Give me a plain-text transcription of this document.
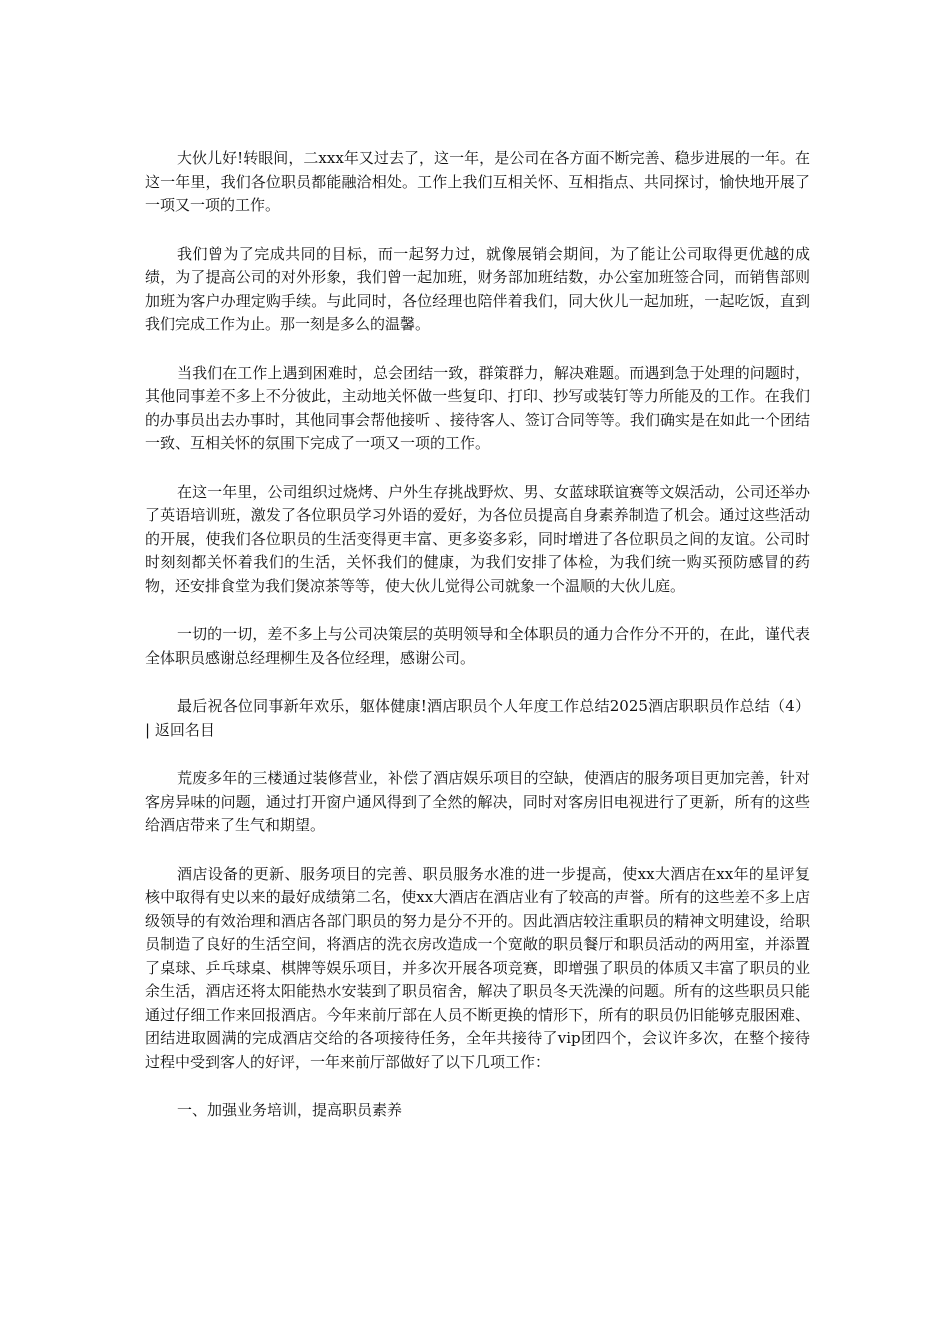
大伙儿好!转眼间，二xxx年又过去了，这一年，是公司在各方面不断完善、稳步进展的一年。在这一年里，我们各位职员都能融洽相处。工作上我们互相关怀、互相指点、共同探讨，愉快地开展了一项又一项的工作。

我们曾为了完成共同的目标，而一起努力过，就像展销会期间，为了能让公司取得更优越的成绩，为了提高公司的对外形象，我们曾一起加班，财务部加班结数，办公室加班签合同，而销售部则加班为客户办理定购手续。与此同时，各位经理也陪伴着我们，同大伙儿一起加班，一起吃饭，直到我们完成工作为止。那一刻是多么的温馨。

当我们在工作上遇到困难时，总会团结一致，群策群力，解决难题。而遇到急于处理的问题时，其他同事差不多上不分彼此，主动地关怀做一些复印、打印、抄写或装钉等力所能及的工作。在我们的办事员出去办事时，其他同事会帮他接听 、接待客人、签订合同等等。我们确实是在如此一个团结一致、互相关怀的氛围下完成了一项又一项的工作。

在这一年里，公司组织过烧烤、户外生存挑战野炊、男、女蓝球联谊赛等文娱活动，公司还举办了英语培训班，激发了各位职员学习外语的爱好，为各位员提高自身素养制造了机会。通过这些活动的开展，使我们各位职员的生活变得更丰富、更多姿多彩，同时增进了各位职员之间的友谊。公司时时刻刻都关怀着我们的生活，关怀我们的健康，为我们安排了体检，为我们统一购买预防感冒的药物，还安排食堂为我们煲凉茶等等，使大伙儿觉得公司就象一个温顺的大伙儿庭。

一切的一切，差不多上与公司决策层的英明领导和全体职员的通力合作分不开的，在此，谨代表全体职员感谢总经理柳生及各位经理，感谢公司。

最后祝各位同事新年欢乐，躯体健康!酒店职员个人年度工作总结2025酒店职职员作总结（4） | 返回名目

荒废多年的三楼通过装修营业，补偿了酒店娱乐项目的空缺，使酒店的服务项目更加完善，针对客房异味的问题，通过打开窗户通风得到了全然的解决，同时对客房旧电视进行了更新，所有的这些给酒店带来了生气和期望。

酒店设备的更新、服务项目的完善、职员服务水准的进一步提高，使xx大酒店在xx年的星评复核中取得有史以来的最好成绩第二名，使xx大酒店在酒店业有了较高的声誉。所有的这些差不多上店级领导的有效治理和酒店各部门职员的努力是分不开的。因此酒店较注重职员的精神文明建设，给职员制造了良好的生活空间，将酒店的洗衣房改造成一个宽敞的职员餐厅和职员活动的两用室，并添置了桌球、乒乓球桌、棋牌等娱乐项目，并多次开展各项竞赛，即增强了职员的体质又丰富了职员的业余生活，酒店还将太阳能热水安装到了职员宿舍，解决了职员冬天洗澡的问题。所有的这些职员只能通过仔细工作来回报酒店。今年来前厅部在人员不断更换的情形下，所有的职员仍旧能够克服困难、团结进取圆满的完成酒店交给的各项接待任务，全年共接待了vip团四个，会议许多次，在整个接待过程中受到客人的好评，一年来前厅部做好了以下几项工作：

一、加强业务培训，提高职员素养
